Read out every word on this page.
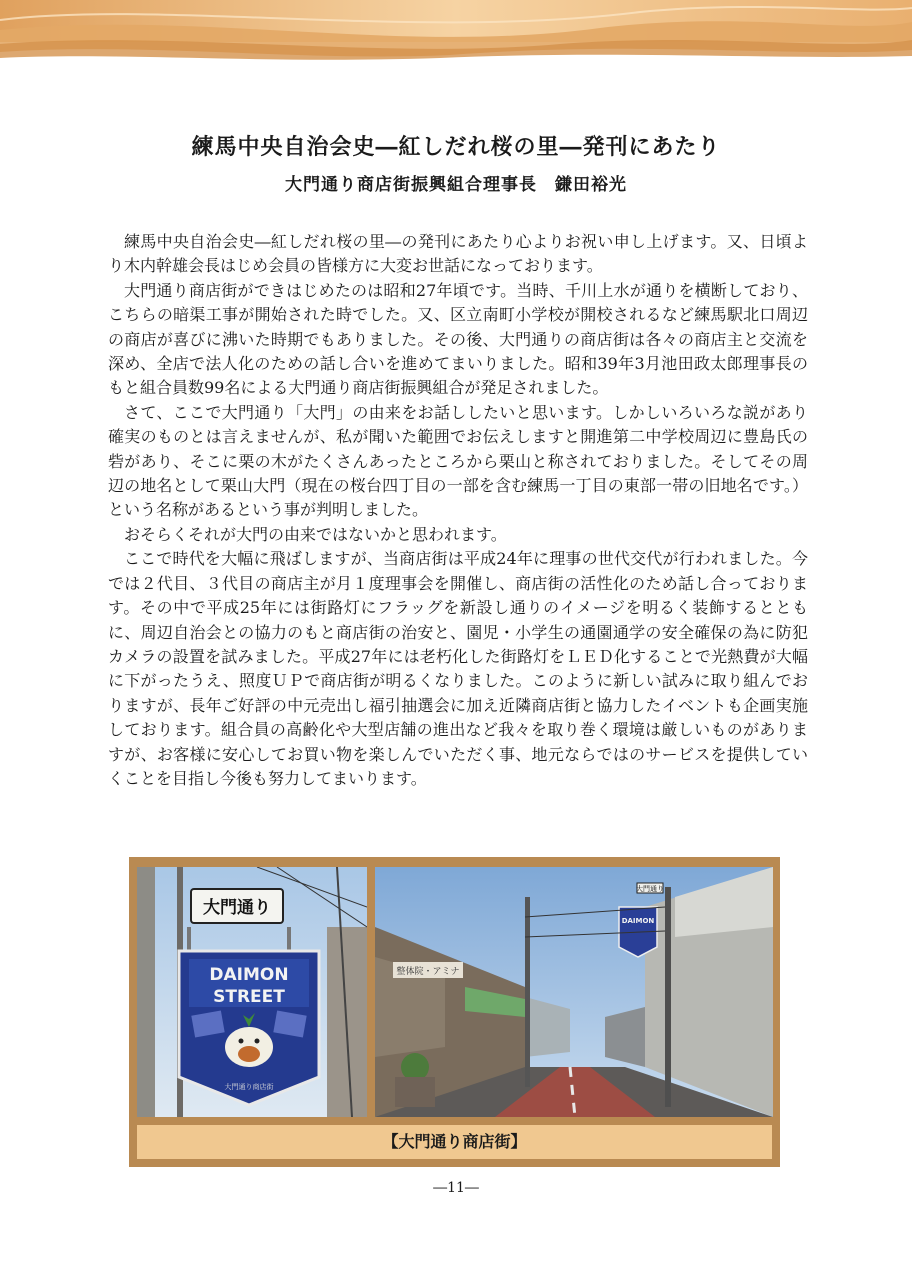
練馬中央自治会史―紅しだれ桜の里―発刊にあたり
大門通り商店街振興組合理事長　鎌田裕光

練馬中央自治会史―紅しだれ桜の里―の発刊にあたり心よりお祝い申し上げます。又、日頃より木内幹雄会長はじめ会員の皆様方に大変お世話になっております。

大門通り商店街ができはじめたのは昭和27年頃です。当時、千川上水が通りを横断しており、こちらの暗渠工事が開始された時でした。又、区立南町小学校が開校されるなど練馬駅北口周辺の商店が喜びに沸いた時期でもありました。その後、大門通りの商店街は各々の商店主と交流を深め、全店で法人化のための話し合いを進めてまいりました。昭和39年3月池田政太郎理事長のもと組合員数99名による大門通り商店街振興組合が発足されました。

さて、ここで大門通り「大門」の由来をお話ししたいと思います。しかしいろいろな説があり確実のものとは言えませんが、私が聞いた範囲でお伝えしますと開進第二中学校周辺に豊島氏の砦があり、そこに栗の木がたくさんあったところから栗山と称されておりました。そしてその周辺の地名として栗山大門（現在の桜台四丁目の一部を含む練馬一丁目の東部一帯の旧地名です。）という名称があるという事が判明しました。

おそらくそれが大門の由来ではないかと思われます。

ここで時代を大幅に飛ばしますが、当商店街は平成24年に理事の世代交代が行われました。今では２代目、３代目の商店主が月１度理事会を開催し、商店街の活性化のため話し合っております。その中で平成25年には街路灯にフラッグを新設し通りのイメージを明るく装飾するとともに、周辺自治会との協力のもと商店街の治安と、園児・小学生の通園通学の安全確保の為に防犯カメラの設置を試みました。平成27年には老朽化した街路灯をＬＥＤ化することで光熱費が大幅に下がったうえ、照度ＵＰで商店街が明るくなりました。このように新しい試みに取り組んでおりますが、長年ご好評の中元売出し福引抽選会に加え近隣商店街と協力したイベントも企画実施しております。組合員の高齢化や大型店舗の進出など我々を取り巻く環境は厳しいものがありますが、お客様に安心してお買い物を楽しんでいただく事、地元ならではのサービスを提供していくことを目指し今後も努力してまいります。

大門通り
DAIMON
STREET
大門通り商店街
整体院・アミナ
大門通り
DAIMON
【大門通り商店街】
―11―
